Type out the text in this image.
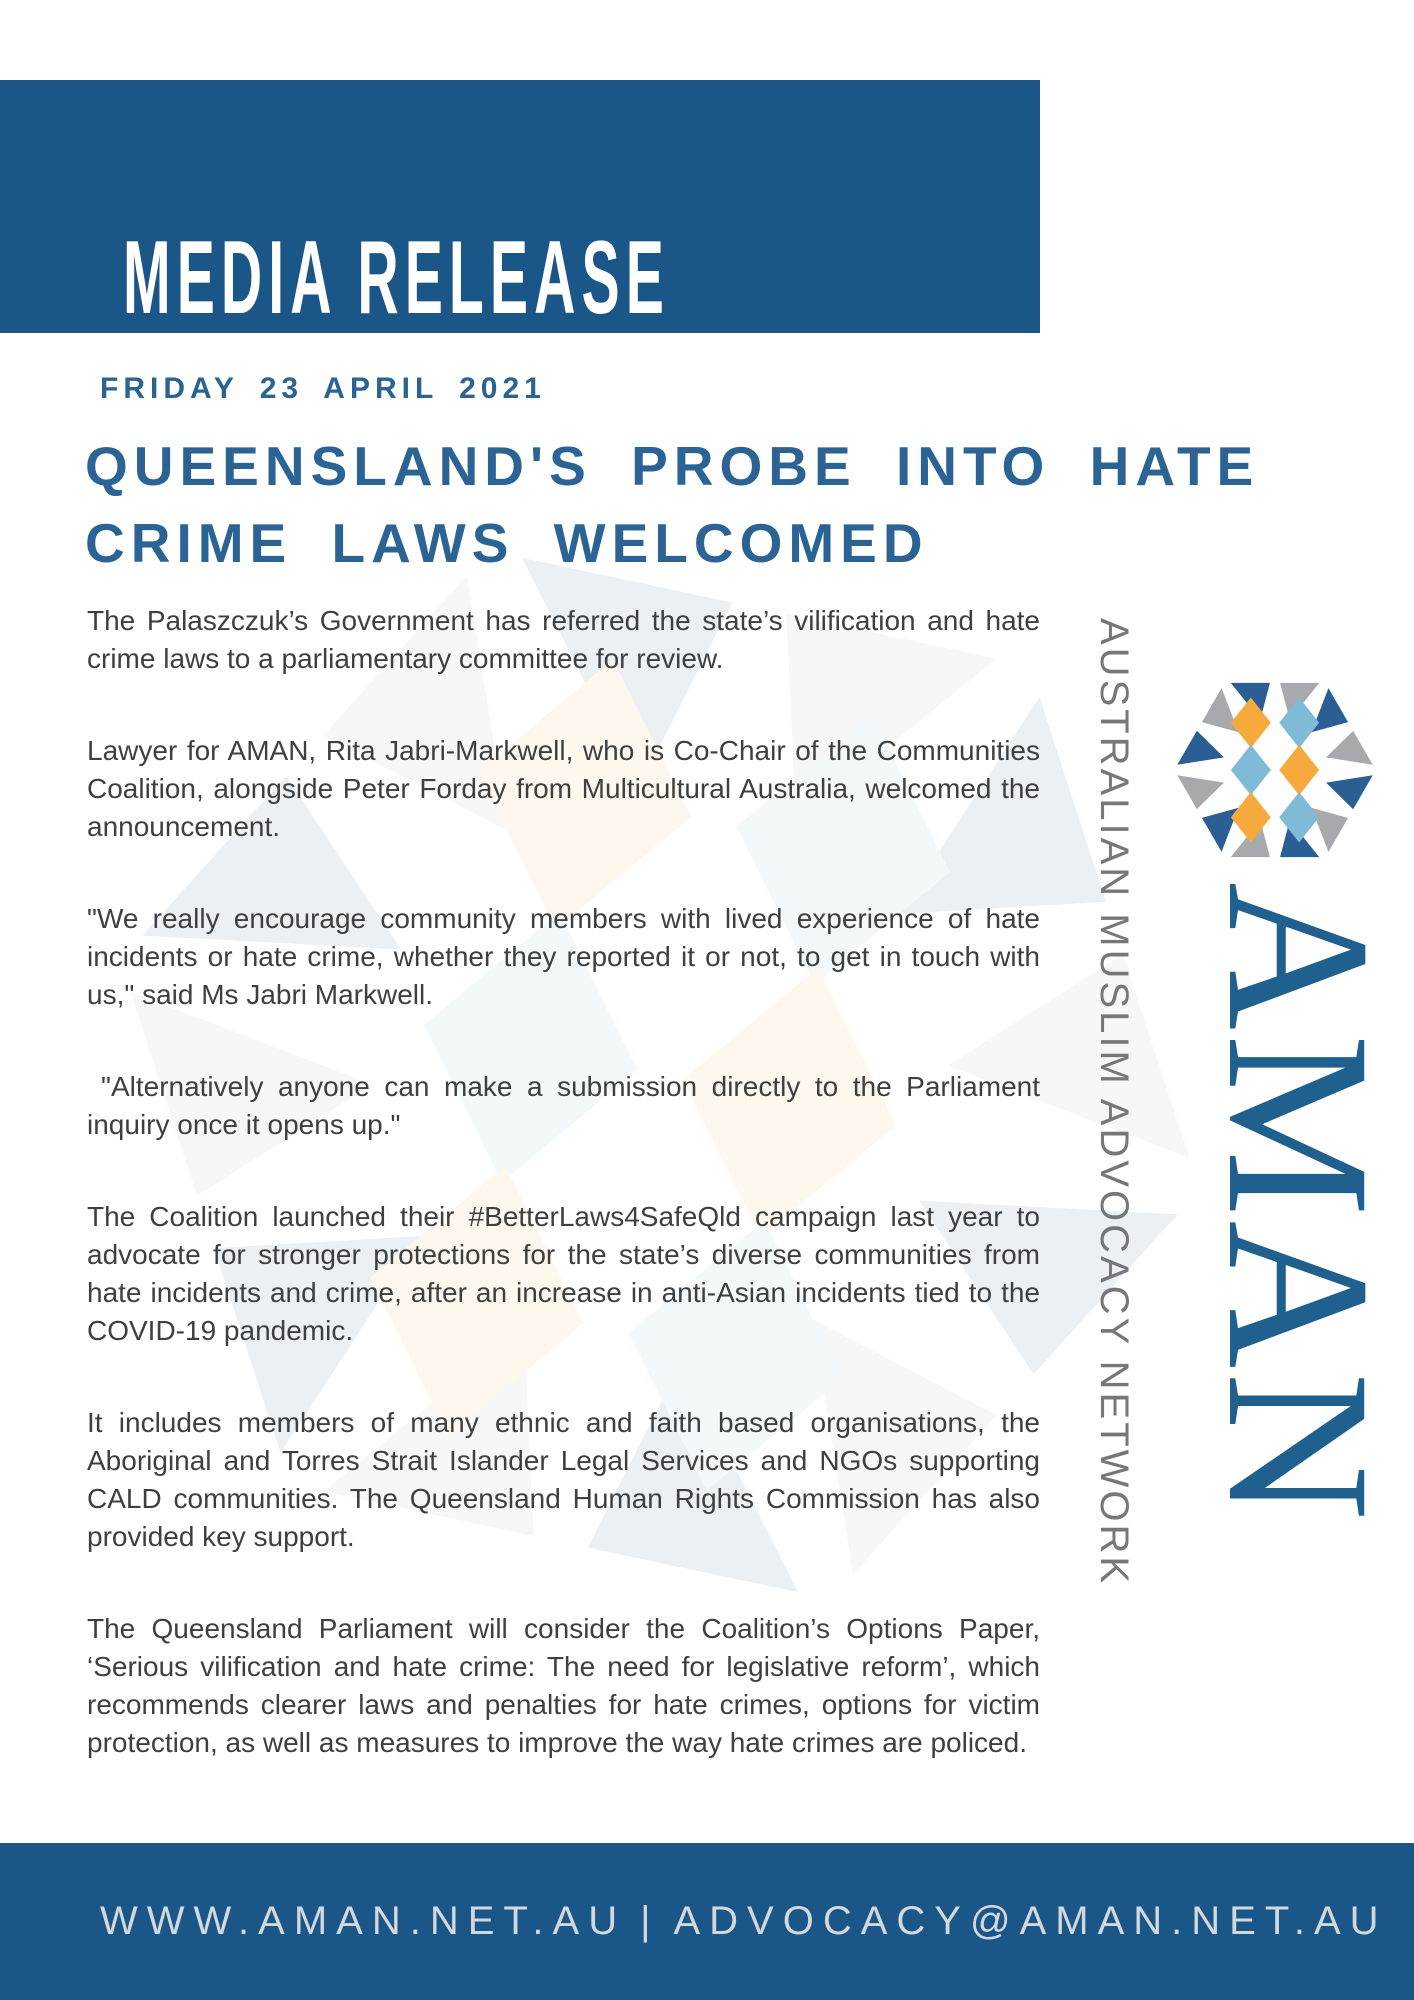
MEDIA RELEASE
FRIDAY 23 APRIL 2021
QUEENSLAND'S PROBE INTO HATE
CRIME LAWS WELCOMED

The Palaszczuk’s Government has referred the state’s vilification and hate crime laws to a parliamentary committee for review.

Lawyer for AMAN, Rita Jabri-Markwell, who is Co-Chair of the Communities Coalition, alongside Peter Forday from Multicultural Australia, welcomed the announcement.

"We really encourage community members with lived experience of hate incidents or hate crime, whether they reported it or not, to get in touch with us," said Ms Jabri Markwell.

"Alternatively anyone can make a submission directly to the Parliament inquiry once it opens up."

The Coalition launched their #BetterLaws4SafeQld campaign last year to advocate for stronger protections for the state’s diverse communities from hate incidents and crime, after an increase in anti-Asian incidents tied to the COVID-19 pandemic.

It includes members of many ethnic and faith based organisations, the Aboriginal and Torres Strait Islander Legal Services and NGOs supporting CALD communities. The Queensland Human Rights Commission has also provided key support.

The Queensland Parliament will consider the Coalition’s Options Paper, ‘Serious vilification and hate crime: The need for legislative reform’, which recommends clearer laws and penalties for hate crimes, options for victim protection, as well as measures to improve the way hate crimes are policed.

AUSTRALIAN MUSLIM ADVOCACY NETWORK AMAN
WWW.AMAN.NET.AU | ADVOCACY@AMAN.NET.AU
